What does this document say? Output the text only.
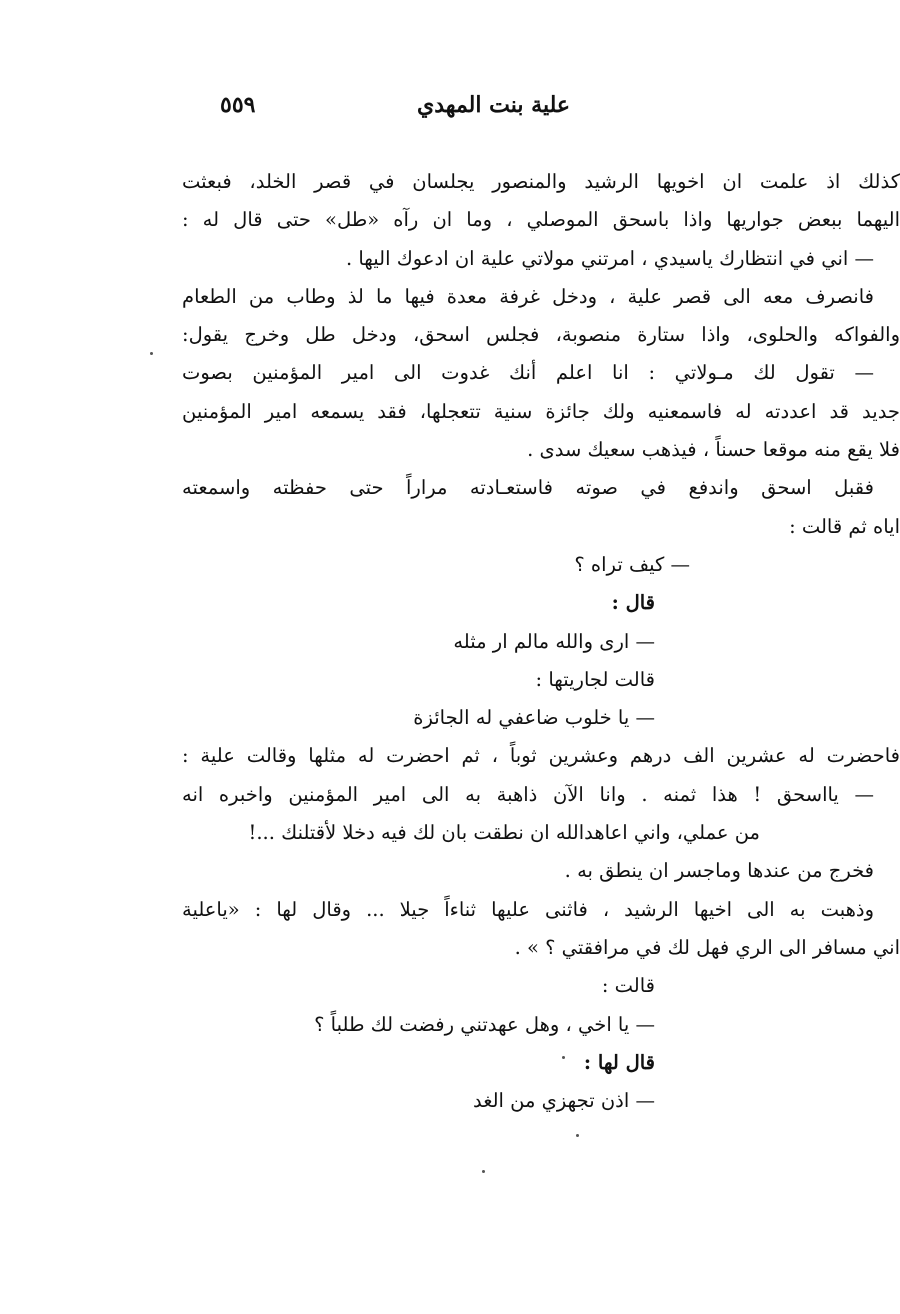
علية بنت المهدي
٥٥٩
كذلك اذ علمت ان اخويها الرشيد والمنصور يجلسان في قصر الخلد، فبعثت
اليهما ببعض جواريها واذا باسحق الموصلي ، وما ان رآه «طل» حتى قال له :
— اني في انتظارك ياسيدي ، امرتني مولاتي علية ان ادعوك اليها .
فانصرف معه الى قصر علية ، ودخل غرفة معدة فيها ما لذ وطاب من الطعام
والفواكه والحلوى، واذا ستارة منصوبة، فجلس اسحق، ودخل طل وخرج يقول:
— تقول لك مـولاتي : انا اعلم أنك غدوت الى امير المؤمنين بصوت
جديد قد اعددته له فاسمعنيه ولك جائزة سنية تتعجلها، فقد يسمعه امير المؤمنين
فلا يقع منه موقعا حسناً ، فيذهب سعيك سدى .
فقبل اسحق واندفع في صوته فاستعـادته مراراً حتى حفظته واسمعته
اياه ثم قالت :
— كيف تراه ؟
قال :
— ارى والله مالم ار مثله
قالت لجاريتها :
— يا خلوب ضاعفي له الجائزة
فاحضرت له عشرين الف درهم وعشرين ثوباً ، ثم احضرت له مثلها وقالت علية :
— يااسحق ! هذا ثمنه . وانا الآن ذاهبة به الى امير المؤمنين واخبره انه
من عملي، واني اعاهدالله ان نطقت بان لك فيه دخلا لأقتلنك ...!
فخرج من عندها وماجسر ان ينطق به .
وذهبت به الى اخيها الرشيد ، فاثنى عليها ثناءاً جيلا ... وقال لها : «ياعلية
اني مسافر الى الري فهل لك في مرافقتي ؟ » .
قالت :
— يا اخي ، وهل عهدتني رفضت لك طلباً ؟
قال لها :
— اذن تجهزي من الغد
